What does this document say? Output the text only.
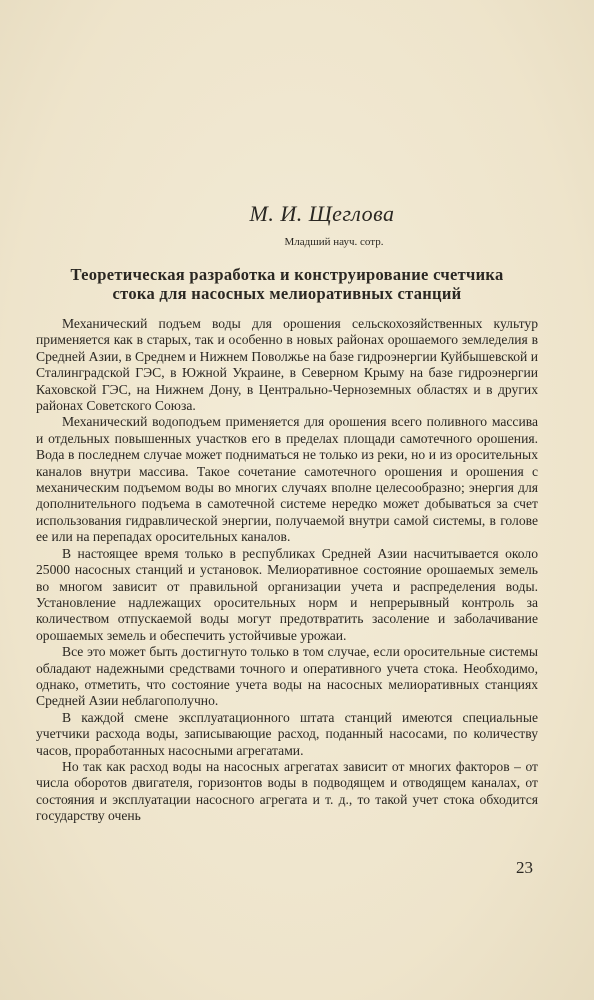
М. И. Щеглова

Младший науч. сотр.

Теоретическая разработка и конструирование счетчика
стока для насосных мелиоративных станций

Механический подъем воды для орошения сельскохозяйственных культур применяется как в старых, так и особенно в новых районах орошаемого земледелия в Средней Азии, в Среднем и Нижнем Поволжье на базе гидроэнергии Куйбышевской и Сталинградской ГЭС, в Южной Украине, в Северном Крыму на базе гидроэнергии Каховской ГЭС, на Нижнем Дону, в Центрально-Черноземных областях и в других районах Советского Союза.

Механический водоподъем применяется для орошения всего поливного массива и отдельных повышенных участков его в пределах площади самотечного орошения. Вода в последнем случае может подниматься не только из реки, но и из оросительных каналов внутри массива. Такое сочетание самотечного орошения и орошения с механическим подъемом воды во многих случаях вполне целесообразно; энергия для дополнительного подъема в самотечной системе нередко может добываться за счет использования гидравлической энергии, получаемой внутри самой системы, в голове ее или на перепадах оросительных каналов.

В настоящее время только в республиках Средней Азии насчитывается около 25000 насосных станций и установок. Мелиоративное состояние орошаемых земель во многом зависит от правильной организации учета и распределения воды. Установление надлежащих оросительных норм и непрерывный контроль за количеством отпускаемой воды могут предотвратить засоление и заболачивание орошаемых земель и обеспечить устойчивые урожаи.

Все это может быть достигнуто только в том случае, если оросительные системы обладают надежными средствами точного и оперативного учета стока. Необходимо, однако, отметить, что состояние учета воды на насосных мелиоративных станциях Средней Азии неблагополучно.

В каждой смене эксплуатационного штата станций имеются специальные учетчики расхода воды, записывающие расход, поданный насосами, по количеству часов, проработанных насосными агрегатами.

Но так как расход воды на насосных агрегатах зависит от многих факторов – от числа оборотов двигателя, горизонтов воды в подводящем и отводящем каналах, от состояния и эксплуатации насосного агрегата и т. д., то такой учет стока обходится государству очень

23
